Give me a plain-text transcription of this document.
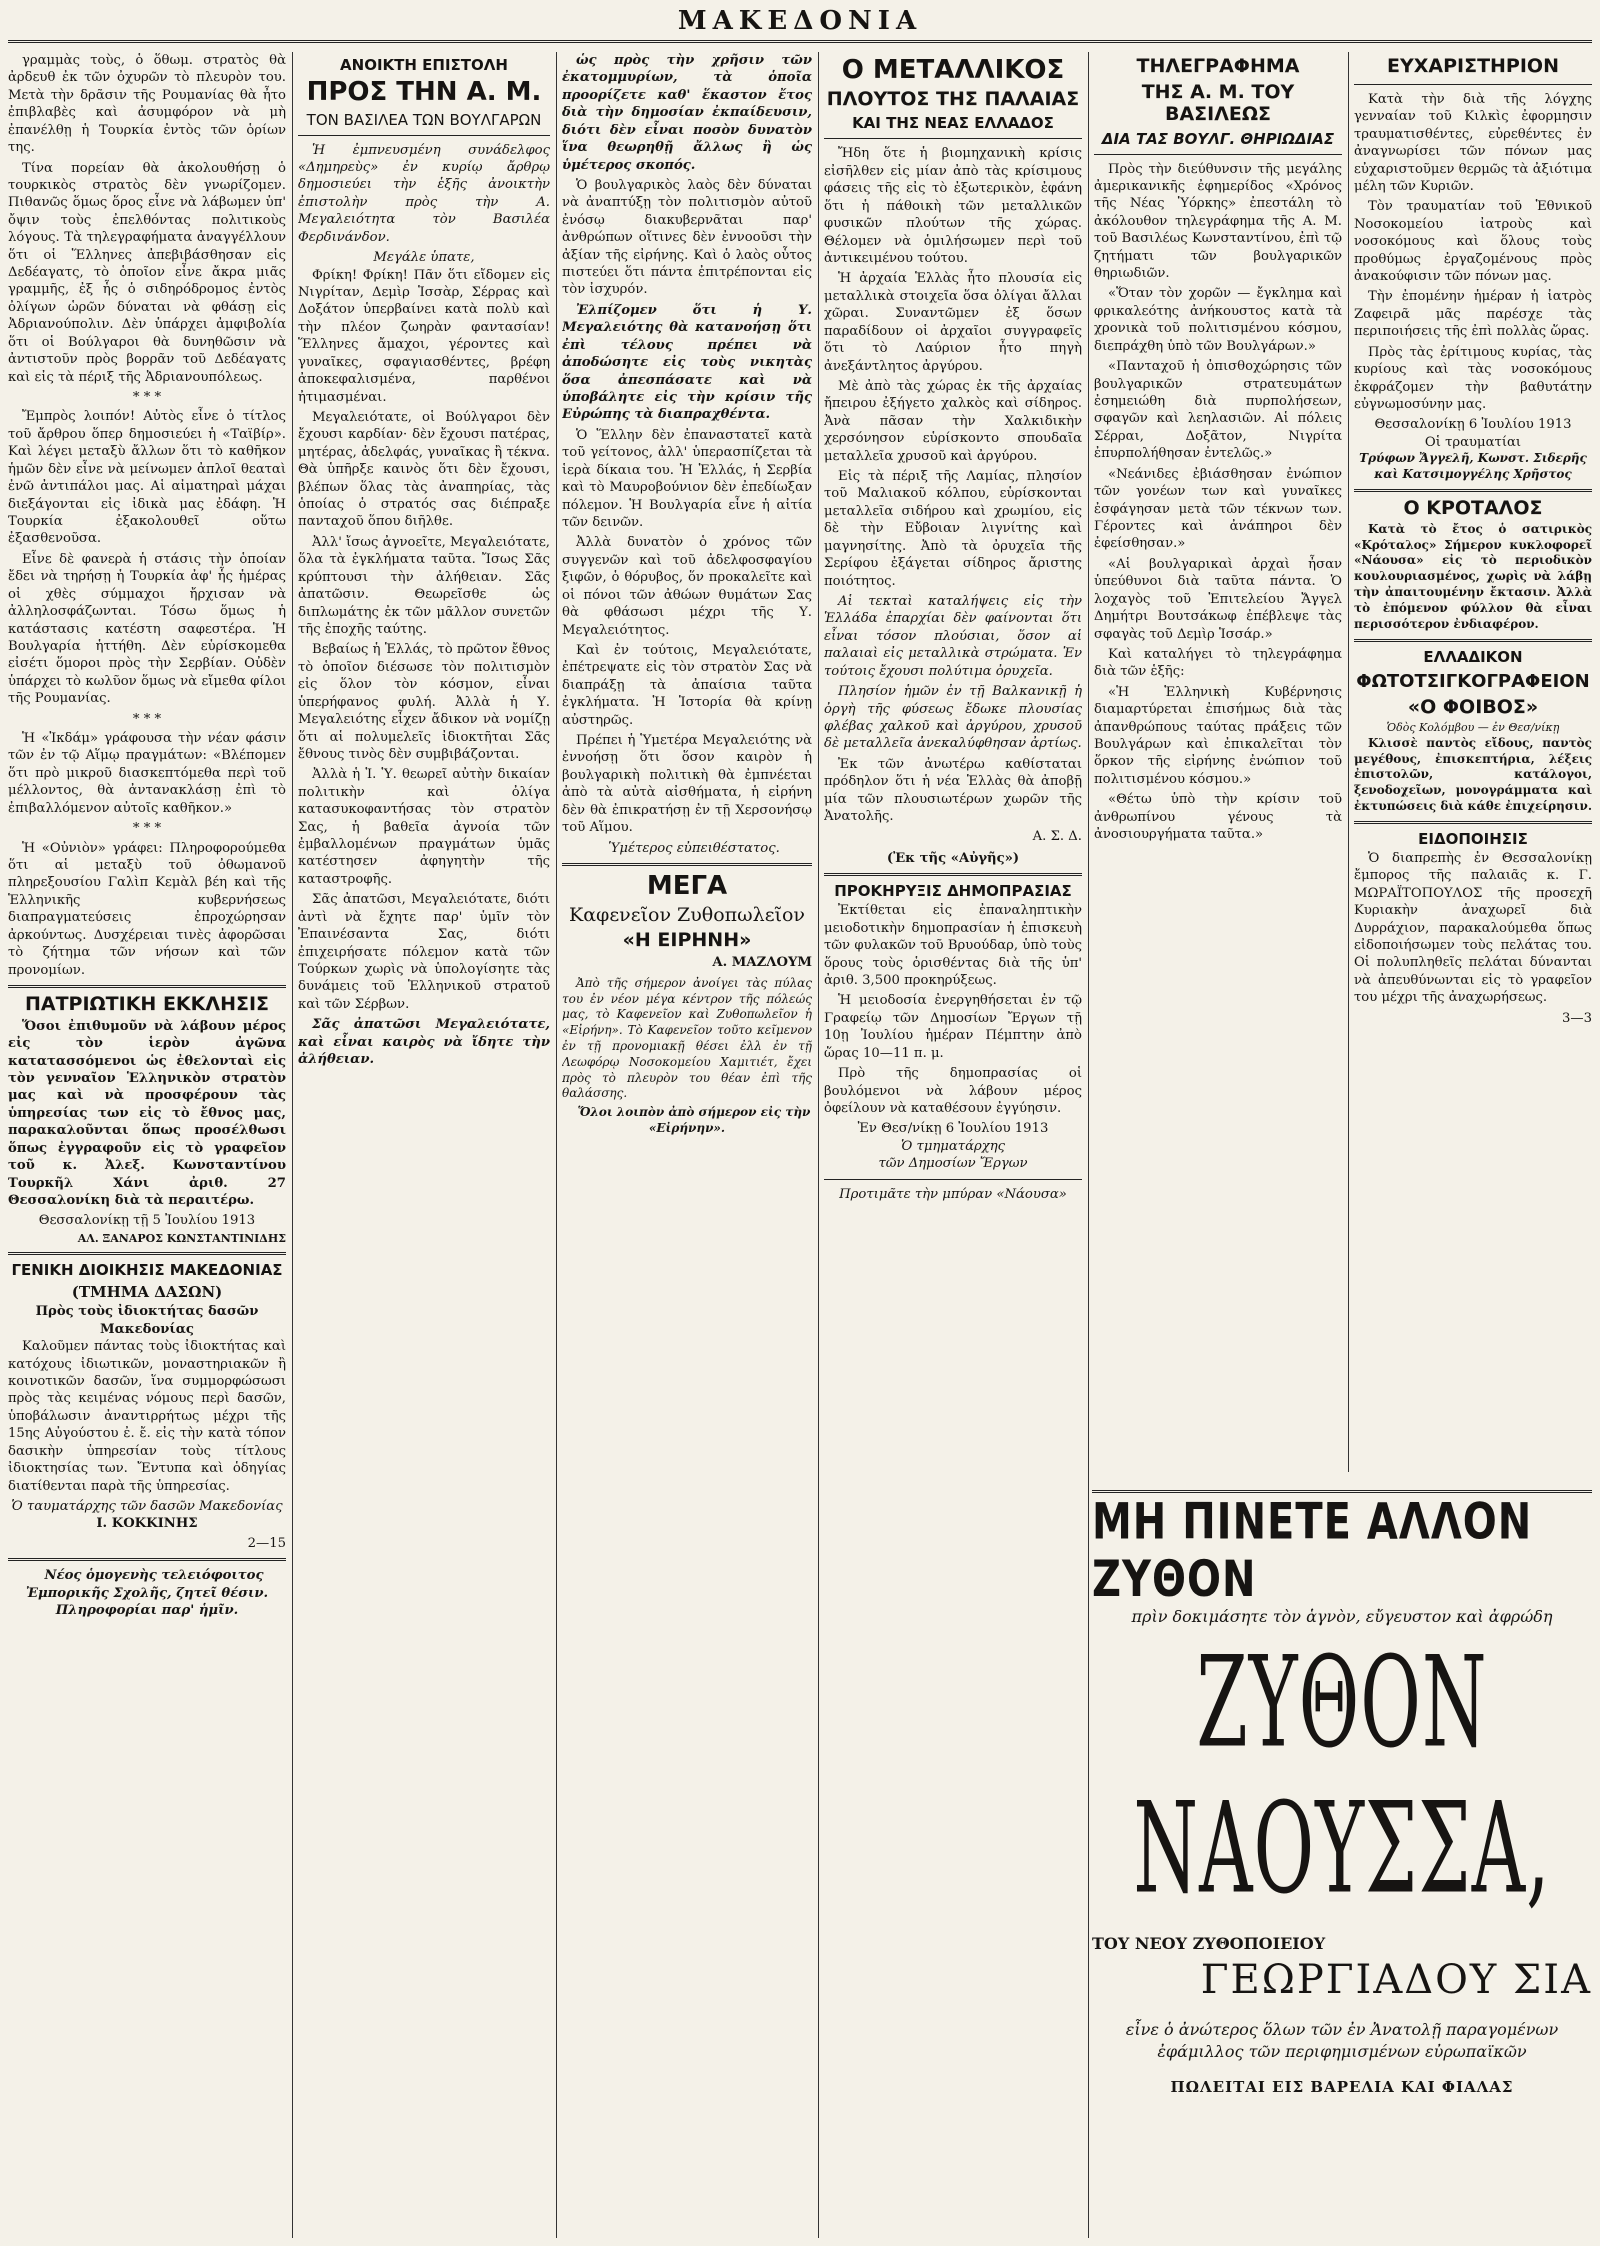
ΜΑΚΕΔΟΝΙΑ

γραμμὰς τοὺς, ὁ ὅθωμ. στρατὸς θὰ ἀρδευθ ἐκ τῶν ὀχυρῶν τὸ πλευρὸν του. Μετὰ τὴν δρᾶσιν τῆς Ρουμανίας θὰ ἦτο ἐπιβλαβὲς καὶ ἀσυμφόρον νὰ μὴ ἐπανέλθῃ ἡ Τουρκία ἐντὸς τῶν ὁρίων της.

Τίνα πορείαν θὰ ἀκολουθήσῃ ὁ τουρκικὸς στρατὸς δὲν γνωρίζομεν. Πιθανῶς ὅμως ὅρος εἶνε νὰ λάβωμεν ὑπ' ὄψιν τοὺς ἐπελθόντας πολιτικοὺς λόγους. Τὰ τηλεγραφήματα ἀναγγέλλουν ὅτι οἱ Ἕλληνες ἀπεβιβάσθησαν εἰς Δεδέαγατς, τὸ ὁποῖον εἶνε ἄκρα μιᾶς γραμμῆς, ἐξ ἧς ὁ σιδηρόδρομος ἐντὸς ὀλίγων ὡρῶν δύναται νὰ φθάσῃ εἰς Ἀδριανούπολιν. Δὲν ὑπάρχει ἀμφιβολία ὅτι οἱ Βούλγαροι θὰ δυνηθῶσιν νὰ ἀντιστοῦν πρὸς βορρᾶν τοῦ Δεδέαγατς καὶ εἰς τὰ πέριξ τῆς Ἀδριανουπόλεως.

* * *

Ἔμπρὸς λοιπόν! Αὐτὸς εἶνε ὁ τίτλος τοῦ ἄρθρου ὅπερ δημοσιεύει ἡ «Ταϊβίρ». Καὶ λέγει μεταξὺ ἄλλων ὅτι τὸ καθῆκον ἡμῶν δὲν εἶνε νὰ μείνωμεν ἀπλοῖ θεαταὶ ἐνῶ ἀντιπάλοι μας. Αἱ αἰματηραὶ μάχαι διεξάγονται εἰς ἰδικὰ μας ἐδάφη. Ἡ Τουρκία ἐξακολουθεῖ οὕτω ἐξασθενοῦσα.

Εἶνε δὲ φανερὰ ἡ στάσις τὴν ὁποίαν ἔδει νὰ τηρήσῃ ἡ Τουρκία ἀφ' ἧς ἡμέρας οἱ χθὲς σύμμαχοι ἤρχισαν νὰ ἀλληλοσφάζωνται. Τόσω ὅμως ἡ κατάστασις κατέστη σαφεστέρα. Ἡ Βουλγαρία ἡττήθη. Δὲν εὑρίσκομεθα εἰσέτι ὅμοροι πρὸς τὴν Σερβίαν. Οὐδὲν ὑπάρχει τὸ κωλῦον ὅμως νὰ εἴμεθα φίλοι τῆς Ρουμανίας.

* * *

Ἡ «Ἰκδάμ» γράφουσα τὴν νέαν φάσιν τῶν ἐν τῷ Αἵμῳ πραγμάτων: «Βλέπομεν ὅτι πρὸ μικροῦ διασκεπτόμεθα περὶ τοῦ μέλλοντος, θὰ ἀντανακλάσῃ ἐπὶ τὸ ἐπιβαλλόμενον αὐτοῖς καθῆκον.»

* * *

Ἡ «Οὐνιὸν» γράφει: Πληροφορούμεθα ὅτι αἱ μεταξὺ τοῦ ὀθωμανοῦ πληρεξουσίου Γαλὶπ Κεμὰλ βέη καὶ τῆς Ἑλληνικῆς κυβερνήσεως διαπραγματεύσεις ἐπροχώρησαν ἀρκούντως. Δυσχέρειαι τινὲς ἀφορῶσαι τὸ ζήτημα τῶν νήσων καὶ τῶν προνομίων.

ΠΑΤΡΙΩΤΙΚΗ ΕΚΚΛΗΣΙΣ

Ὅσοι ἐπιθυμοῦν νὰ λάβουν μέρος εἰς τὸν ἱερὸν ἀγῶνα κατατασσόμενοι ὡς ἐθελονταὶ εἰς τὸν γενναῖον Ἑλληνικὸν στρατὸν μας καὶ νὰ προσφέρουν τὰς ὑπηρεσίας των εἰς τὸ ἔθνος μας, παρακαλοῦνται ὅπως προσέλθωσι ὅπως ἐγγραφοῦν εἰς τὸ γραφεῖον τοῦ κ. Ἀλεξ. Κωνσταντίνου Τουρκῆλ Χάνι ἀριθ. 27 Θεσσαλονίκη διὰ τὰ περαιτέρω.

Θεσσαλονίκῃ τῇ 5 Ἰουλίου 1913
ΑΛ. ΞΑΝΑΡΟΣ ΚΩΝΣΤΑΝΤΙΝΙΔΗΣ
ΓΕΝΙΚΗ ΔΙΟΙΚΗΣΙΣ ΜΑΚΕΔΟΝΙΑΣ
(ΤΜΗΜΑ ΔΑΣΩΝ)
Πρὸς τοὺς ἰδιοκτήτας δασῶν Μακεδονίας

Καλοῦμεν πάντας τοὺς ἰδιοκτήτας καὶ κατόχους ἰδιωτικῶν, μοναστηριακῶν ἢ κοινοτικῶν δασῶν, ἵνα συμμορφώσωσι πρὸς τὰς κειμένας νόμους περὶ δασῶν, ὑποβάλωσιν ἀναντιρρήτως μέχρι τῆς 15ης Αὐγούστου ἐ. ἔ. εἰς τὴν κατὰ τόπον δασικὴν ὑπηρεσίαν τοὺς τίτλους ἰδιοκτησίας των. Ἔντυπα καὶ ὁδηγίας διατίθενται παρὰ τῆς ὑπηρεσίας.

Ὁ ταυματάρχης τῶν δασῶν Μακεδονίας
Ι. ΚΟΚΚΙΝΗΣ
2—15

Νέος ὁμογενὴς τελειόφοιτος Ἐμπορικῆς Σχολῆς, ζητεῖ θέσιν. Πληροφορίαι παρ' ἡμῖν.

ΑΝΟΙΚΤΗ ΕΠΙΣΤΟΛΗ
ΠΡΟΣ ΤΗΝ Α. Μ.
ΤΟΝ ΒΑΣΙΛΕΑ ΤΩΝ ΒΟΥΛΓΑΡΩΝ

Ἡ ἐμπνευσμένη συνάδελφος «Δημηρεὺς» ἐν κυρίῳ ἄρθρῳ δημοσιεύει τὴν ἑξῆς ἀνοικτὴν ἐπιστολὴν πρὸς τὴν Α. Μεγαλειότητα τὸν Βασιλέα Φερδινάνδον.

Μεγάλε ὑπατε,

Φρίκη! Φρίκη! Πᾶν ὅτι εἴδομεν εἰς Νιγρίταν, Δεμὶρ Ἱσσὰρ, Σέρρας καὶ Δοξάτον ὑπερβαίνει κατὰ πολὺ καὶ τὴν πλέον ζωηρὰν φαντασίαν! Ἕλληνες ἄμαχοι, γέροντες καὶ γυναῖκες, σφαγιασθέντες, βρέφη ἀποκεφαλισμένα, παρθένοι ἠτιμασμέναι.

Μεγαλειότατε, οἱ Βούλγαροι δὲν ἔχουσι καρδίαν· δὲν ἔχουσι πατέρας, μητέρας, ἀδελφάς, γυναῖκας ἢ τέκνα. Θὰ ὑπῆρξε καινὸς ὅτι δὲν ἔχουσι, βλέπων ὅλας τὰς ἀναπηρίας, τὰς ὁποίας ὁ στρατός σας διέπραξε πανταχοῦ ὅπου διῆλθε.

Ἀλλ' ἴσως ἀγνοεῖτε, Μεγαλειότατε, ὅλα τὰ ἐγκλήματα ταῦτα. Ἴσως Σᾶς κρύπτουσι τὴν ἀλήθειαν. Σᾶς ἀπατῶσιν. Θεωρεῖσθε ὡς διπλωμάτης ἐκ τῶν μᾶλλον συνετῶν τῆς ἐποχῆς ταύτης.

Βεβαίως ἡ Ἑλλάς, τὸ πρῶτον ἔθνος τὸ ὁποῖον διέσωσε τὸν πολιτισμὸν εἰς ὅλον τὸν κόσμον, εἶναι ὑπερήφανος φυλή. Ἀλλὰ ἡ Υ. Μεγαλειότης εἶχεν ἄδικον νὰ νομίζῃ ὅτι αἱ πολυμελεῖς ἰδιοκτῆται Σᾶς ἔθνους τινὸς δὲν συμβιβάζονται.

Ἀλλὰ ἡ Ἱ. Ὑ. θεωρεῖ αὐτὴν δικαίαν πολιτικὴν καὶ ὀλίγα κατασυκοφαντήσας τὸν στρατὸν Σας, ἡ βαθεῖα ἀγνοία τῶν ἐμβαλλομένων πραγμάτων ὑμᾶς κατέστησεν ἀφηγητὴν τῆς καταστροφῆς.

Σᾶς ἀπατῶσι, Μεγαλειότατε, διότι ἀντὶ νὰ ἔχητε παρ' ὑμῖν τὸν Ἐπαινέσαντα Σας, διότι ἐπιχειρήσατε πόλεμον κατὰ τῶν Τούρκων χωρὶς νὰ ὑπολογίσητε τὰς δυνάμεις τοῦ Ἑλληνικοῦ στρατοῦ καὶ τῶν Σέρβων.

Σᾶς ἀπατῶσι Μεγαλειότατε, καὶ εἶναι καιρὸς νὰ ἴδητε τὴν ἀλήθειαν.

ὡς πρὸς τὴν χρῆσιν τῶν ἐκατομμυρίων, τὰ ὁποῖα προορίζετε καθ' ἕκαστον ἔτος διὰ τὴν δημοσίαν ἐκπαίδευσιν, διότι δὲν εἶναι ποσὸν δυνατὸν ἵνα θεωρηθῇ ἄλλως ἢ ὡς ὑμέτερος σκοπός.

Ὁ βουλγαρικὸς λαὸς δὲν δύναται νὰ ἀναπτύξῃ τὸν πολιτισμὸν αὐτοῦ ἐνόσῳ διακυβερνᾶται παρ' ἀνθρώπων οἵτινες δὲν ἐννοοῦσι τὴν ἀξίαν τῆς εἰρήνης. Καὶ ὁ λαὸς οὗτος πιστεύει ὅτι πάντα ἐπιτρέπονται εἰς τὸν ἰσχυρόν.

Ἐλπίζομεν ὅτι ἡ Υ. Μεγαλειότης θὰ κατανοήσῃ ὅτι ἐπὶ τέλους πρέπει νὰ ἀποδώσητε εἰς τοὺς νικητὰς ὅσα ἀπεσπάσατε καὶ νὰ ὑποβάλητε εἰς τὴν κρίσιν τῆς Εὐρώπης τὰ διαπραχθέντα.

Ὁ Ἕλλην δὲν ἐπαναστατεῖ κατὰ τοῦ γείτονος, ἀλλ' ὑπερασπίζεται τὰ ἱερὰ δίκαια του. Ἡ Ἑλλάς, ἡ Σερβία καὶ τὸ Μαυροβούνιον δὲν ἐπεδίωξαν πόλεμον. Ἡ Βουλγαρία εἶνε ἡ αἰτία τῶν δεινῶν.

Ἀλλὰ δυνατὸν ὁ χρόνος τῶν συγγενῶν καὶ τοῦ ἀδελφοσφαγίου ξιφῶν, ὁ θόρυβος, ὅν προκαλεῖτε καὶ οἱ πόνοι τῶν ἀθώων θυμάτων Σας θὰ φθάσωσι μέχρι τῆς Υ. Μεγαλειότητος.

Καὶ ἐν τούτοις, Μεγαλειότατε, ἐπέτρεψατε εἰς τὸν στρατὸν Σας νὰ διαπράξῃ τὰ ἀπαίσια ταῦτα ἐγκλήματα. Ἡ Ἱστορία θὰ κρίνῃ αὐστηρῶς.

Πρέπει ἡ Ὑμετέρα Μεγαλειότης νὰ ἐννοήσῃ ὅτι ὅσον καιρὸν ἡ βουλγαρικὴ πολιτικὴ θὰ ἐμπνέεται ἀπὸ τὰ αὐτὰ αἰσθήματα, ἡ εἰρήνη δὲν θὰ ἐπικρατήσῃ ἐν τῇ Χερσονήσῳ τοῦ Αἵμου.

Ὑμέτερος εὐπειθέστατος.

ΜΕΓΑ
Καφενεῖον Ζυθοπωλεῖον
«Η ΕΙΡΗΝΗ»
Α. ΜΑΖΛΟΥΜ

Ἀπὸ τῆς σήμερον ἀνοίγει τὰς πύλας του ἐν νέον μέγα κέντρον τῆς πόλεώς μας, τὸ Καφενεῖον καὶ Ζυθοπωλεῖον ἡ «Εἰρήνη». Τὸ Καφενεῖον τοῦτο κεῖμενον ἐν τῇ προνομιακῇ θέσει ἐλλ ἐν τῇ Λεωφόρῳ Νοσοκομείου Χαμιτιέτ, ἔχει πρὸς τὸ πλευρὸν του θέαν ἐπὶ τῆς θαλάσσης.

Ὅλοι λοιπὸν ἀπὸ σήμερον εἰς τὴν «Εἰρήνην».

Ο ΜΕΤΑΛΛΙΚΟΣ
ΠΛΟΥΤΟΣ ΤΗΣ ΠΑΛΑΙΑΣ
ΚΑΙ ΤΗΣ ΝΕΑΣ ΕΛΛΑΔΟΣ

Ἤδη ὅτε ἡ βιομηχανικὴ κρίσις εἰσῆλθεν εἰς μίαν ἀπὸ τὰς κρίσιμους φάσεις τῆς εἰς τὸ ἐξωτερικὸν, ἐφάνη ὅτι ἡ πάθοικὴ τῶν μεταλλικῶν φυσικῶν πλούτων τῆς χώρας. Θέλομεν νὰ ὁμιλήσωμεν περὶ τοῦ ἀντικειμένου τούτου.

Ἡ ἀρχαία Ἑλλὰς ἦτο πλουσία εἰς μεταλλικὰ στοιχεῖα ὅσα ὀλίγαι ἄλλαι χῶραι. Συναντῶμεν ἐξ ὅσων παραδίδουν οἱ ἀρχαῖοι συγγραφεῖς ὅτι τὸ Λαύριον ἦτο πηγὴ ἀνεξάντλητος ἀργύρου.

Μὲ ἀπὸ τὰς χώρας ἐκ τῆς ἀρχαίας ἤπειρου ἐξήγετο χαλκὸς καὶ σίδηρος. Ἀνὰ πᾶσαν τὴν Χαλκιδικὴν χερσόνησον εὑρίσκοντο σπουδαῖα μεταλλεῖα χρυσοῦ καὶ ἀργύρου.

Εἰς τὰ πέριξ τῆς Λαμίας, πλησίον τοῦ Μαλιακοῦ κόλπου, εὑρίσκονται μεταλλεῖα σιδήρου καὶ χρωμίου, εἰς δὲ τὴν Εὔβοιαν λιγνίτης καὶ μαγνησίτης. Ἀπὸ τὰ ὀρυχεῖα τῆς Σερίφου ἐξάγεται σίδηρος ἄριστης ποιότητος.

Αἱ τεκταὶ καταλήψεις εἰς τὴν Ἑλλάδα ἐπαρχίαι δὲν φαίνονται ὅτι εἶναι τόσον πλούσιαι, ὅσον αἱ παλαιαὶ εἰς μεταλλικὰ στρώματα. Ἐν τούτοις ἔχουσι πολύτιμα ὀρυχεῖα.

Πλησίον ἡμῶν ἐν τῇ Βαλκανικῇ ἡ ὀργὴ τῆς φύσεως ἔδωκε πλουσίας φλέβας χαλκοῦ καὶ ἀργύρου, χρυσοῦ δὲ μεταλλεῖα ἀνεκαλύφθησαν ἀρτίως.

Ἐκ τῶν ἀνωτέρω καθίσταται πρόδηλον ὅτι ἡ νέα Ἑλλὰς θὰ ἀποβῇ μία τῶν πλουσιωτέρων χωρῶν τῆς Ἀνατολῆς.

Α. Σ. Δ.
(Ἐκ τῆς «Αὐγῆς»)
ΠΡΟΚΗΡΥΞΙΣ ΔΗΜΟΠΡΑΣΙΑΣ

Ἐκτίθεται εἰς ἐπαναληπτικὴν μειοδοτικὴν δημοπρασίαν ἡ ἐπισκευὴ τῶν φυλακῶν τοῦ Βρυούδαρ, ὑπὸ τοὺς ὅρους τοὺς ὁρισθέντας διὰ τῆς ὑπ' ἀριθ. 3,500 προκηρύξεως.

Ἡ μειοδοσία ἐνεργηθήσεται ἐν τῷ Γραφείῳ τῶν Δημοσίων Ἔργων τῇ 10ῃ Ἰουλίου ἡμέραν Πέμπτην ἀπὸ ὥρας 10—11 π. μ.

Πρὸ τῆς δημοπρασίας οἱ βουλόμενοι νὰ λάβουν μέρος ὀφείλουν νὰ καταθέσουν ἐγγύησιν.

Ἐν Θεσ/νίκῃ 6 Ἰουλίου 1913
Ὁ τμηματάρχης
τῶν Δημοσίων Ἔργων
Προτιμᾶτε τὴν μπύραν «Νάουσα»
ΤΗΛΕΓΡΑΦΗΜΑ
ΤΗΣ Α. Μ. ΤΟΥ ΒΑΣΙΛΕΩΣ
ΔΙΑ ΤΑΣ ΒΟΥΛΓ. ΘΗΡΙΩΔΙΑΣ

Πρὸς τὴν διεύθυνσιν τῆς μεγάλης ἀμερικανικῆς ἐφημερίδος «Χρόνος τῆς Νέας Ὑόρκης» ἐπεστάλη τὸ ἀκόλουθον τηλεγράφημα τῆς Α. Μ. τοῦ Βασιλέως Κωνσταντίνου, ἐπὶ τῷ ζητήματι τῶν βουλγαρικῶν θηριωδιῶν.

«Ὅταν τὸν χορῶν — ἔγκλημα καὶ φρικαλεότης ἀνήκουστος κατὰ τὰ χρονικὰ τοῦ πολιτισμένου κόσμου, διεπράχθη ὑπὸ τῶν Βουλγάρων.»

«Πανταχοῦ ἡ ὀπισθοχώρησις τῶν βουλγαρικῶν στρατευμάτων ἐσημειώθη διὰ πυρπολήσεων, σφαγῶν καὶ λεηλασιῶν. Αἱ πόλεις Σέρραι, Δοξᾶτον, Νιγρίτα ἐπυρπολήθησαν ἐντελῶς.»

«Νεάνιδες ἐβιάσθησαν ἐνώπιον τῶν γονέων των καὶ γυναῖκες ἐσφάγησαν μετὰ τῶν τέκνων των. Γέροντες καὶ ἀνάπηροι δὲν ἐφείσθησαν.»

«Αἱ βουλγαρικαὶ ἀρχαὶ ἦσαν ὑπεύθυνοι διὰ ταῦτα πάντα. Ὁ λοχαγὸς τοῦ Ἐπιτελείου Ἄγγελ Δημήτρι Βουτσάκωφ ἐπέβλεψε τὰς σφαγὰς τοῦ Δεμὶρ Ἱσσάρ.»

Καὶ καταλήγει τὸ τηλεγράφημα διὰ τῶν ἑξῆς:

«Ἡ Ἑλληνικὴ Κυβέρνησις διαμαρτύρεται ἐπισήμως διὰ τὰς ἀπανθρώπους ταύτας πράξεις τῶν Βουλγάρων καὶ ἐπικαλεῖται τὸν ὅρκον τῆς εἰρήνης ἐνώπιον τοῦ πολιτισμένου κόσμου.»

«Θέτω ὑπὸ τὴν κρίσιν τοῦ ἀνθρωπίνου γένους τὰ ἀνοσιουργήματα ταῦτα.»

ΕΥΧΑΡΙΣΤΗΡΙΟΝ

Κατὰ τὴν διὰ τῆς λόγχης γενναίαν τοῦ Κιλκὶς ἐφορμησιν τραυματισθέντες, εὐρεθέντες ἐν ἀναγνωρίσει τῶν πόνων μας εὐχαριστοῦμεν θερμῶς τὰ ἀξιότιμα μέλη τῶν Κυριῶν.

Τὸν τραυματίαν τοῦ Ἑθνικοῦ Νοσοκομείου ἰατροὺς καὶ νοσοκόμους καὶ ὅλους τοὺς προθύμως ἐργαζομένους πρὸς ἀνακούφισιν τῶν πόνων μας.

Τὴν ἐπομένην ἡμέραν ἡ ἰατρὸς Ζαφειρᾶ μᾶς παρέσχε τὰς περιποιήσεις τῆς ἐπὶ πολλὰς ὥρας.

Πρὸς τὰς ἐρίτιμους κυρίας, τὰς κυρίους καὶ τὰς νοσοκόμους ἐκφράζομεν τὴν βαθυτάτην εὐγνωμοσύνην μας.

Θεσσαλονίκῃ 6 Ἰουλίου 1913
Οἱ τραυματίαι
Τρύφων Ἄγγελῆ, Κωνστ. Σιδερῆς καὶ Κατσιμογγέλης Χρῆστος
Ο ΚΡΟΤΑΛΟΣ

Κατὰ τὸ ἔτος ὁ σατιρικὸς «Κρόταλος» Σήμερον κυκλοφορεῖ «Νάουσα» εἰς τὸ περιοδικὸν κουλουριασμένος, χωρὶς νὰ λάβῃ τὴν ἀπαιτουμένην ἔκτασιν. Ἀλλὰ τὸ ἐπόμενον φύλλον θὰ εἶναι περισσότερον ἐνδιαφέρον.

ΕΛΛΑΔΙΚΟΝ
ΦΩΤΟΤΣΙΓΚΟΓΡΑΦΕΙΟΝ
«Ο ΦΟΙΒΟΣ»
Ὁδὸς Κολόμβου — ἐν Θεσ/νίκῃ

Κλισσὲ παντὸς εἴδους, παντὸς μεγέθους, ἐπισκεπτήρια, λέξεις ἐπιστολῶν, κατάλογοι, ξενοδοχεῖων, μονογράμματα καὶ ἐκτυπώσεις διὰ κάθε ἐπιχείρησιν.

ΕΙΔΟΠΟΙΗΣΙΣ

Ὁ διαπρεπὴς ἐν Θεσσαλονίκῃ ἔμπορος τῆς παλαιᾶς κ. Γ. ΜΩΡΑΪΤΟΠΟΥΛΟΣ τῆς προσεχῆ Κυριακὴν ἀναχωρεῖ διὰ Δυρράχιον, παρακαλούμεθα ὅπως εἰδοποιήσωμεν τοὺς πελάτας του. Οἱ πολυπληθεῖς πελάται δύνανται νὰ ἀπευθύνωνται εἰς τὸ γραφεῖον του μέχρι τῆς ἀναχωρήσεως.

3—3
ΜΗ ΠΙΝΕΤΕ ΑΛΛΟΝ ΖΥΘΟΝ
πρὶν δοκιμάσητε τὸν ἁγνὸν, εὔγευστον καὶ ἀφρώδη
ΖΥΘΟΝ ΝΑΟΥΣΣΑ,
ΤΟΥ ΝΕΟΥ ΖΥΘΟΠΟΙΕΙΟΥ
ΓΕΩΡΓΙΑΔΟΥ ΣΙΑ
εἶνε ὁ ἀνώτερος ὅλων τῶν ἐν Ἀνατολῇ παραγομένων ἐφάμιλλος τῶν περιφημισμένων εὐρωπαϊκῶν
ΠΩΛΕΙΤΑΙ ΕΙΣ ΒΑΡΕΛΙΑ ΚΑΙ ΦΙΑΛΑΣ
